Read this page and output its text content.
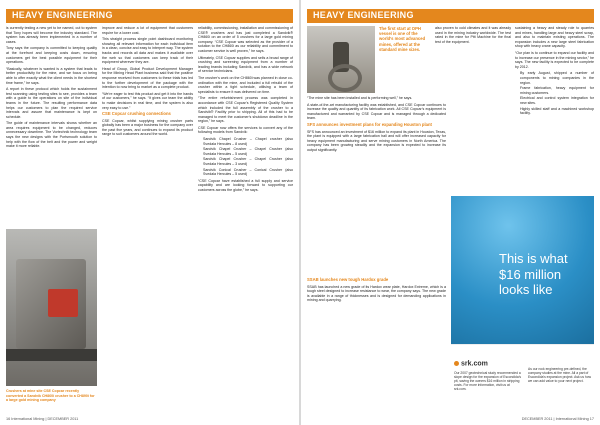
HEAVY ENGINEERING

is currently testing a new yet to be named, cut to system that Tony hopes will become the industry standard. The system has already been implemented in a number of cases.

Tony says the company is committed to keeping quality at the forefront and keeping costs down, ensuring customers get the best possible equipment for their operations.

“Basically, whatever is wanted is a system that leads to better productivity for the mine, and we focus on being able to offer exactly what the client needs in the shortest time frame,” he says.

A report in these protocol which holds the sustainment test scanning using testing sites to see, provides a team with a guide to the operations on site of the individual teams in the future. The resulting performance data helps our customers to plan the required service intervals and assure that maintenance is kept on schedule.

The guide of maintenance intervals shows whether an area requires equipment to be changed, reduces unnecessary downtime. The Vortechnik technology team says the new designs with the Portsmouth solution to help with the flow of the belt and the power and weight make it more reliable.

improve and reduce a lot of equipment that customers require for a lower cost.

This straight process single point dashboard monitoring showing all relevant information for each individual item in a clean, concise and easy to interpret way. The system tracks and records all data and makes it available over the web so that customers can keep track of their equipment wherever they are.

Head of Group, Global Product Development Manager for the Mining Head Plant business said that the positive response received from customers to these trials has led to the further development of the package with the intention to now bring to market as a complete product.

“We’re eager to test this product and get it into the hands of our customers,” he says. “It gives our team the ability to make decisions in real time, and the system is also very easy to use.”

CSE Copcar crushing connections

CSE Copcar, whilst supplying mining crusher parts globally has been a major business for the company over the past five years, and continues to expand its product range to suit customers around the world.

reliability, commissioning, installation and commissioning of CSE® crushers and has just completed a Sandvik® CH860i on an order of 5 crushers for a large gold mining company. “CSE Copcar was selected as the provider of a solution to the CH860i as our reliability and commitment to customer service is well proven,” he says.

Ultimately, CSE Copcar supplies and sells a broad range of crushing and screening equipment from a number of leading brands including Sandvik, and has a wide network of service technicians.

The crusher’s work on the CH860i was planned in close co-ordination with the mine, and included a full rebuild of the crusher within a tight schedule, utilising a team of specialists to ensure it was delivered on time.

“The entire refurbishment process was completed in accordance with CSE Copcar’s Registered Quality System which included the full assembly of the crusher to a Sandvik® Facility prior to shipping. All of this had to be managed to meet the customer’s shutdown deadline in the region,” he says.

CSE Copcar now offers the services to convert any of the following models from Sandvik:

• Sandvik Chapel Crusher – Chapel crusher (also Svedala Hercules – 8 used)
• Sandvik Chapel Crusher – Chapel Crusher (also Svedala Hercules – 5 used)
• Sandvik Chapel Crusher – Chapel Crusher (also Svedala Hercules – 3 used)
• Sandvik Conical Crusher – Conical Crusher (also Svedala Hercules – 5 used)

“CSE Copcar have established a full supply and service capability and are looking forward to supporting our customers across the globe,” he says.

Crushers at mine site CSE Copcar recently converted a Sandvik CH860i crusher to a CH890i for a large gold mining company
16 International Mining | DECEMBER 2011
HEAVY ENGINEERING
The first start at OPH vessel is one of the world’s most advanced mines, offered at the standard mine sizes.

also proven to cold climates and it was already used in the mining industry worldwide. The test rated in the mine for Pitt Machine for the final test of the equipment.

“The mine site has been installed and is performing well,” he says.

A state-of-the-art manufacturing facility was established, and CSE Copcar continues to increase the quality and quantity of its fabrication work. All CSE Copcar’s equipment is manufactured and warranted by CSE Copcar and is managed through a dedicated team.

SFS announces investment plans for expanding Houston plant

SFS has announced an investment of $16 million to expand its plant in Houston, Texas, the plant is equipped with a large fabrication hall and will offer increased capacity for heavy equipment manufacturing and serve mining customers in North America. The company has been growing steadily and the expansion is expected to increase its output significantly.

sustaining a heavy and steady role to quarries and mines, handling large and heavy steel scrap, and also to maintain existing operations. The expansion includes a new large steel fabrication shop with heavy crane capacity.

“Our plan is to continue to expand our facility and to increase our presence in the mining sector,” he says. The new facility is expected to be complete by 2012.

• By early August, shipped a number of components to mining companies in the region.
• Frame fabrication, heavy equipment for mining customers.
• Electrical and control system integration for new sites.
• Highly skilled staff and a machined workshop facility.

SSAB launches new tough Hardox grade

SSAB has launched a new grade of its Hardox wear plate, Hardox Extreme, which is a tough steel designed to increase resistance to wear, the company says. The new grade is available in a range of thicknesses and is designed for demanding applications in mining and quarrying.

This is what
$16 million looks like
srk.com
Our 2007 geotechnical study recommended a slope design for the expansion of Escondida’s pit, saving the owners $16 million in stripping costs. For more information, visit us at srk.com.
As our rock engineering pre-defined, the company studies at the mine. All a part of Escondida’s expansion project. Ask us how we can add value to your next project.
DECEMBER 2011 | International Mining 17
